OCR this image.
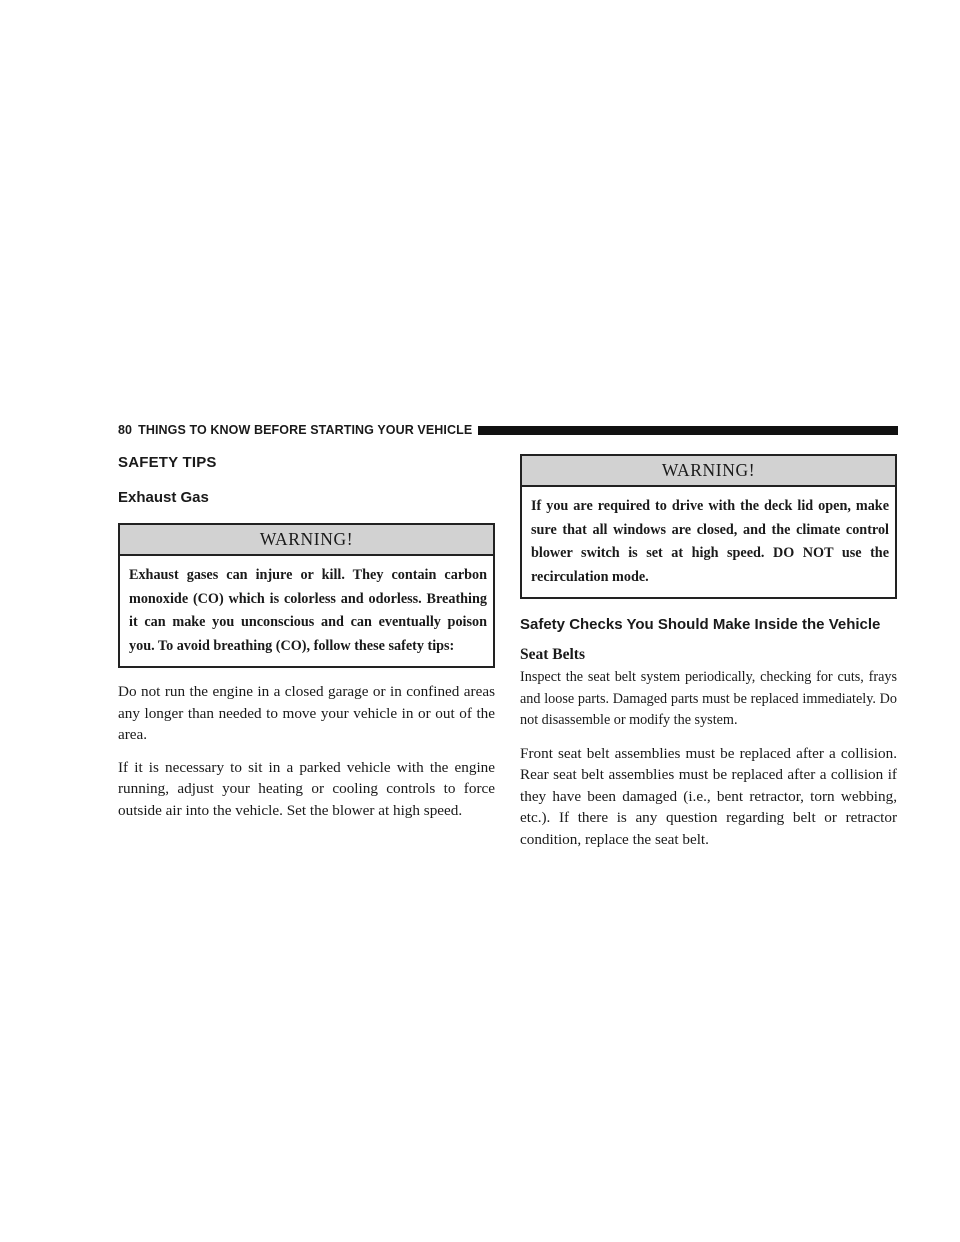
80 THINGS TO KNOW BEFORE STARTING YOUR VEHICLE
SAFETY TIPS
Exhaust Gas
WARNING!
Exhaust gases can injure or kill. They contain carbon monoxide (CO) which is colorless and odorless. Breathing it can make you unconscious and can eventually poison you. To avoid breathing (CO), follow these safety tips:

Do not run the engine in a closed garage or in confined areas any longer than needed to move your vehicle in or out of the area.

If it is necessary to sit in a parked vehicle with the engine running, adjust your heating or cooling controls to force outside air into the vehicle. Set the blower at high speed.

WARNING!
If you are required to drive with the deck lid open, make sure that all windows are closed, and the climate control blower switch is set at high speed. DO NOT use the recirculation mode.
Safety Checks You Should Make Inside the Vehicle
Seat Belts

Inspect the seat belt system periodically, checking for cuts, frays and loose parts. Damaged parts must be replaced immediately. Do not disassemble or modify the system.

Front seat belt assemblies must be replaced after a collision. Rear seat belt assemblies must be replaced after a collision if they have been damaged (i.e., bent retractor, torn webbing, etc.). If there is any question regarding belt or retractor condition, replace the seat belt.
